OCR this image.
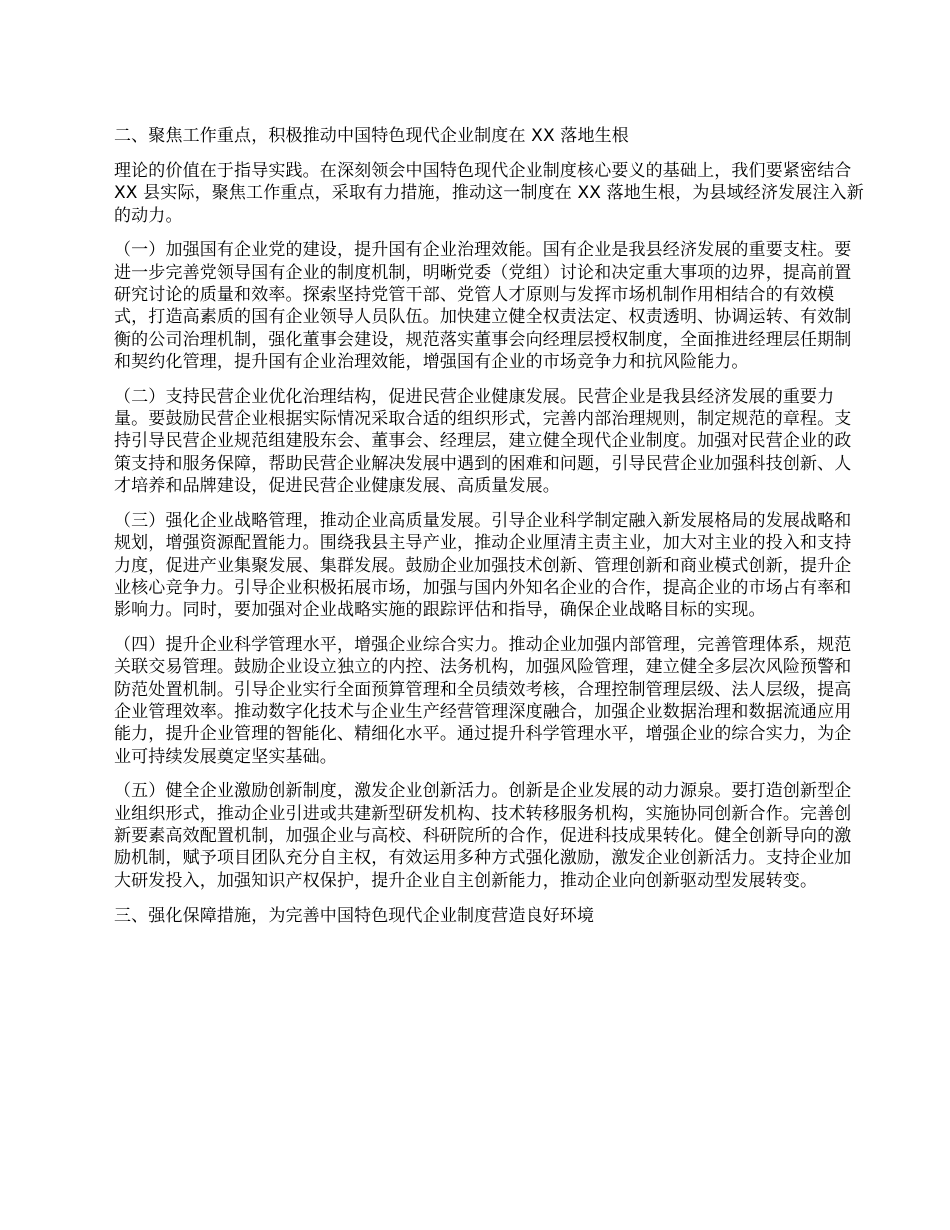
二、聚焦工作重点，积极推动中国特色现代企业制度在 XX 落地生根

理论的价值在于指导实践。在深刻领会中国特色现代企业制度核心要义的基础上，我们要紧密结合 XX 县实际，聚焦工作重点，采取有力措施，推动这一制度在 XX 落地生根，为县域经济发展注入新的动力。

（一）加强国有企业党的建设，提升国有企业治理效能。国有企业是我县经济发展的重要支柱。要进一步完善党领导国有企业的制度机制，明晰党委（党组）讨论和决定重大事项的边界，提高前置研究讨论的质量和效率。探索坚持党管干部、党管人才原则与发挥市场机制作用相结合的有效模式，打造高素质的国有企业领导人员队伍。加快建立健全权责法定、权责透明、协调运转、有效制衡的公司治理机制，强化董事会建设，规范落实董事会向经理层授权制度，全面推进经理层任期制和契约化管理，提升国有企业治理效能，增强国有企业的市场竞争力和抗风险能力。

（二）支持民营企业优化治理结构，促进民营企业健康发展。民营企业是我县经济发展的重要力量。要鼓励民营企业根据实际情况采取合适的组织形式，完善内部治理规则，制定规范的章程。支持引导民营企业规范组建股东会、董事会、经理层，建立健全现代企业制度。加强对民营企业的政策支持和服务保障，帮助民营企业解决发展中遇到的困难和问题，引导民营企业加强科技创新、人才培养和品牌建设，促进民营企业健康发展、高质量发展。

（三）强化企业战略管理，推动企业高质量发展。引导企业科学制定融入新发展格局的发展战略和规划，增强资源配置能力。围绕我县主导产业，推动企业厘清主责主业，加大对主业的投入和支持力度，促进产业集聚发展、集群发展。鼓励企业加强技术创新、管理创新和商业模式创新，提升企业核心竞争力。引导企业积极拓展市场，加强与国内外知名企业的合作，提高企业的市场占有率和影响力。同时，要加强对企业战略实施的跟踪评估和指导，确保企业战略目标的实现。

（四）提升企业科学管理水平，增强企业综合实力。推动企业加强内部管理，完善管理体系，规范关联交易管理。鼓励企业设立独立的内控、法务机构，加强风险管理，建立健全多层次风险预警和防范处置机制。引导企业实行全面预算管理和全员绩效考核，合理控制管理层级、法人层级，提高企业管理效率。推动数字化技术与企业生产经营管理深度融合，加强企业数据治理和数据流通应用能力，提升企业管理的智能化、精细化水平。通过提升科学管理水平，增强企业的综合实力，为企业可持续发展奠定坚实基础。

（五）健全企业激励创新制度，激发企业创新活力。创新是企业发展的动力源泉。要打造创新型企业组织形式，推动企业引进或共建新型研发机构、技术转移服务机构，实施协同创新合作。完善创新要素高效配置机制，加强企业与高校、科研院所的合作，促进科技成果转化。健全创新导向的激励机制，赋予项目团队充分自主权，有效运用多种方式强化激励，激发企业创新活力。支持企业加大研发投入，加强知识产权保护，提升企业自主创新能力，推动企业向创新驱动型发展转变。

三、强化保障措施，为完善中国特色现代企业制度营造良好环境
